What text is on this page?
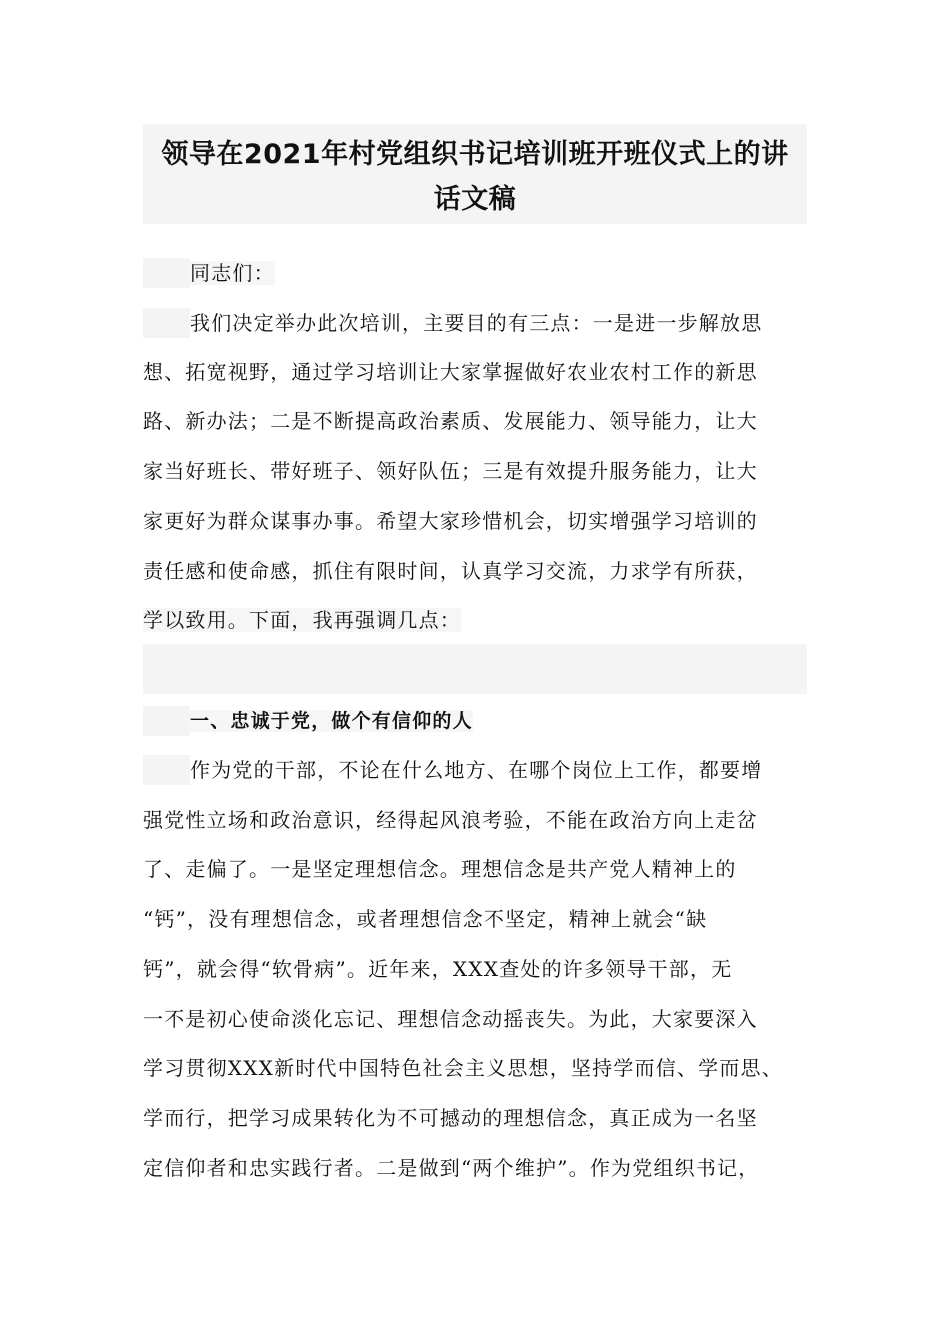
领导在2021年村党组织书记培训班开班仪式上的讲
话文稿
同志们：
我们决定举办此次培训，主要目的有三点：一是进一步解放思
想、拓宽视野，通过学习培训让大家掌握做好农业农村工作的新思
路、新办法；二是不断提高政治素质、发展能力、领导能力，让大
家当好班长、带好班子、领好队伍；三是有效提升服务能力，让大
家更好为群众谋事办事。希望大家珍惜机会，切实增强学习培训的
责任感和使命感，抓住有限时间，认真学习交流，力求学有所获，
学以致用。下面，我再强调几点：
一、忠诚于党，做个有信仰的人
作为党的干部，不论在什么地方、在哪个岗位上工作，都要增
强党性立场和政治意识，经得起风浪考验，不能在政治方向上走岔
了、走偏了。一是坚定理想信念。理想信念是共产党人精神上的
“钙”，没有理想信念，或者理想信念不坚定，精神上就会“缺
钙”，就会得“软骨病”。近年来，XXX查处的许多领导干部，无
一不是初心使命淡化忘记、理想信念动摇丧失。为此，大家要深入
学习贯彻XXX新时代中国特色社会主义思想，坚持学而信、学而思、
学而行，把学习成果转化为不可撼动的理想信念，真正成为一名坚
定信仰者和忠实践行者。二是做到“两个维护”。作为党组织书记，
